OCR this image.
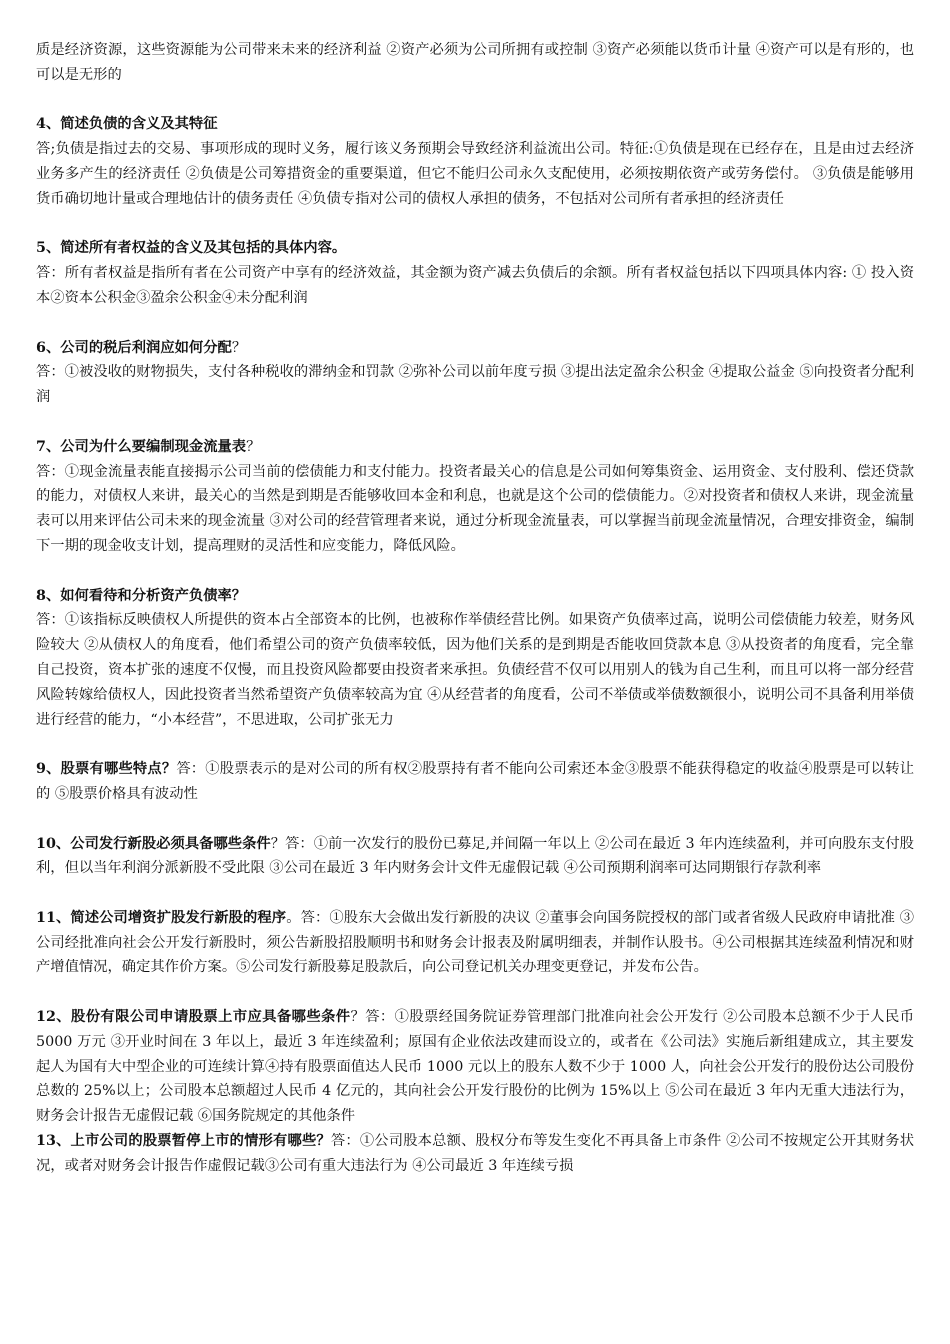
质是经济资源，这些资源能为公司带来未来的经济利益 ②资产必须为公司所拥有或控制 ③资产必须能以货币计量 ④资产可以是有形的，也可以是无形的

4、简述负债的含义及其特征

答;负债是指过去的交易、事项形成的现时义务，履行该义务预期会导致经济利益流出公司。特征:①负债是现在已经存在，且是由过去经济业务多产生的经济责任 ②负债是公司筹措资金的重要渠道，但它不能归公司永久支配使用，必须按期依资产或劳务偿付。 ③负债是能够用货币确切地计量或合理地估计的债务责任 ④负债专指对公司的债权人承担的债务，不包括对公司所有者承担的经济责任

5、简述所有者权益的含义及其包括的具体内容。

答：所有者权益是指所有者在公司资产中享有的经济效益，其金额为资产减去负债后的余额。所有者权益包括以下四项具体内容: ① 投入资本②资本公积金③盈余公积金④未分配利润

6、公司的税后利润应如何分配？

答：①被没收的财物损失，支付各种税收的滞纳金和罚款 ②弥补公司以前年度亏损 ③提出法定盈余公积金 ④提取公益金 ⑤向投资者分配利润

7、公司为什么要编制现金流量表？

答：①现金流量表能直接揭示公司当前的偿债能力和支付能力。投资者最关心的信息是公司如何筹集资金、运用资金、支付股利、偿还贷款的能力，对债权人来讲，最关心的当然是到期是否能够收回本金和利息，也就是这个公司的偿债能力。②对投资者和债权人来讲，现金流量表可以用来评估公司未来的现金流量 ③对公司的经营管理者来说，通过分析现金流量表，可以掌握当前现金流量情况，合理安排资金，编制下一期的现金收支计划，提高理财的灵活性和应变能力，降低风险。

8、如何看待和分析资产负债率？

答：①该指标反映债权人所提供的资本占全部资本的比例，也被称作举债经营比例。如果资产负债率过高，说明公司偿债能力较差，财务风险较大 ②从债权人的角度看，他们希望公司的资产负债率较低，因为他们关系的是到期是否能收回贷款本息 ③从投资者的角度看，完全靠自己投资，资本扩张的速度不仅慢，而且投资风险都要由投资者来承担。负债经营不仅可以用别人的钱为自己生利，而且可以将一部分经营风险转嫁给债权人，因此投资者当然希望资产负债率较高为宜 ④从经营者的角度看，公司不举债或举债数额很小，说明公司不具备利用举债进行经营的能力，“小本经营”，不思进取，公司扩张无力

9、股票有哪些特点？答：①股票表示的是对公司的所有权②股票持有者不能向公司索还本金③股票不能获得稳定的收益④股票是可以转让的 ⑤股票价格具有波动性

10、公司发行新股必须具备哪些条件？答：①前一次发行的股份已募足,并间隔一年以上 ②公司在最近 3 年内连续盈利，并可向股东支付股利，但以当年利润分派新股不受此限 ③公司在最近 3 年内财务会计文件无虚假记载 ④公司预期利润率可达同期银行存款利率

11、简述公司增资扩股发行新股的程序。答：①股东大会做出发行新股的决议 ②董事会向国务院授权的部门或者省级人民政府申请批准 ③公司经批准向社会公开发行新股时，须公告新股招股顺明书和财务会计报表及附属明细表，并制作认股书。④公司根据其连续盈利情况和财产增值情况，确定其作价方案。⑤公司发行新股募足股款后，向公司登记机关办理变更登记，并发布公告。

12、股份有限公司申请股票上市应具备哪些条件？答：①股票经国务院证券管理部门批准向社会公开发行 ②公司股本总额不少于人民币 5000 万元 ③开业时间在 3 年以上，最近 3 年连续盈利；原国有企业依法改建而设立的，或者在《公司法》实施后新组建成立，其主要发起人为国有大中型企业的可连续计算④持有股票面值达人民币 1000 元以上的股东人数不少于 1000 人，向社会公开发行的股份达公司股份总数的 25%以上；公司股本总额超过人民币 4 亿元的，其向社会公开发行股份的比例为 15%以上 ⑤公司在最近 3 年内无重大违法行为，财务会计报告无虚假记载 ⑥国务院规定的其他条件

13、上市公司的股票暂停上市的情形有哪些？答：①公司股本总额、股权分布等发生变化不再具备上市条件 ②公司不按规定公开其财务状况，或者对财务会计报告作虚假记载③公司有重大违法行为 ④公司最近 3 年连续亏损
